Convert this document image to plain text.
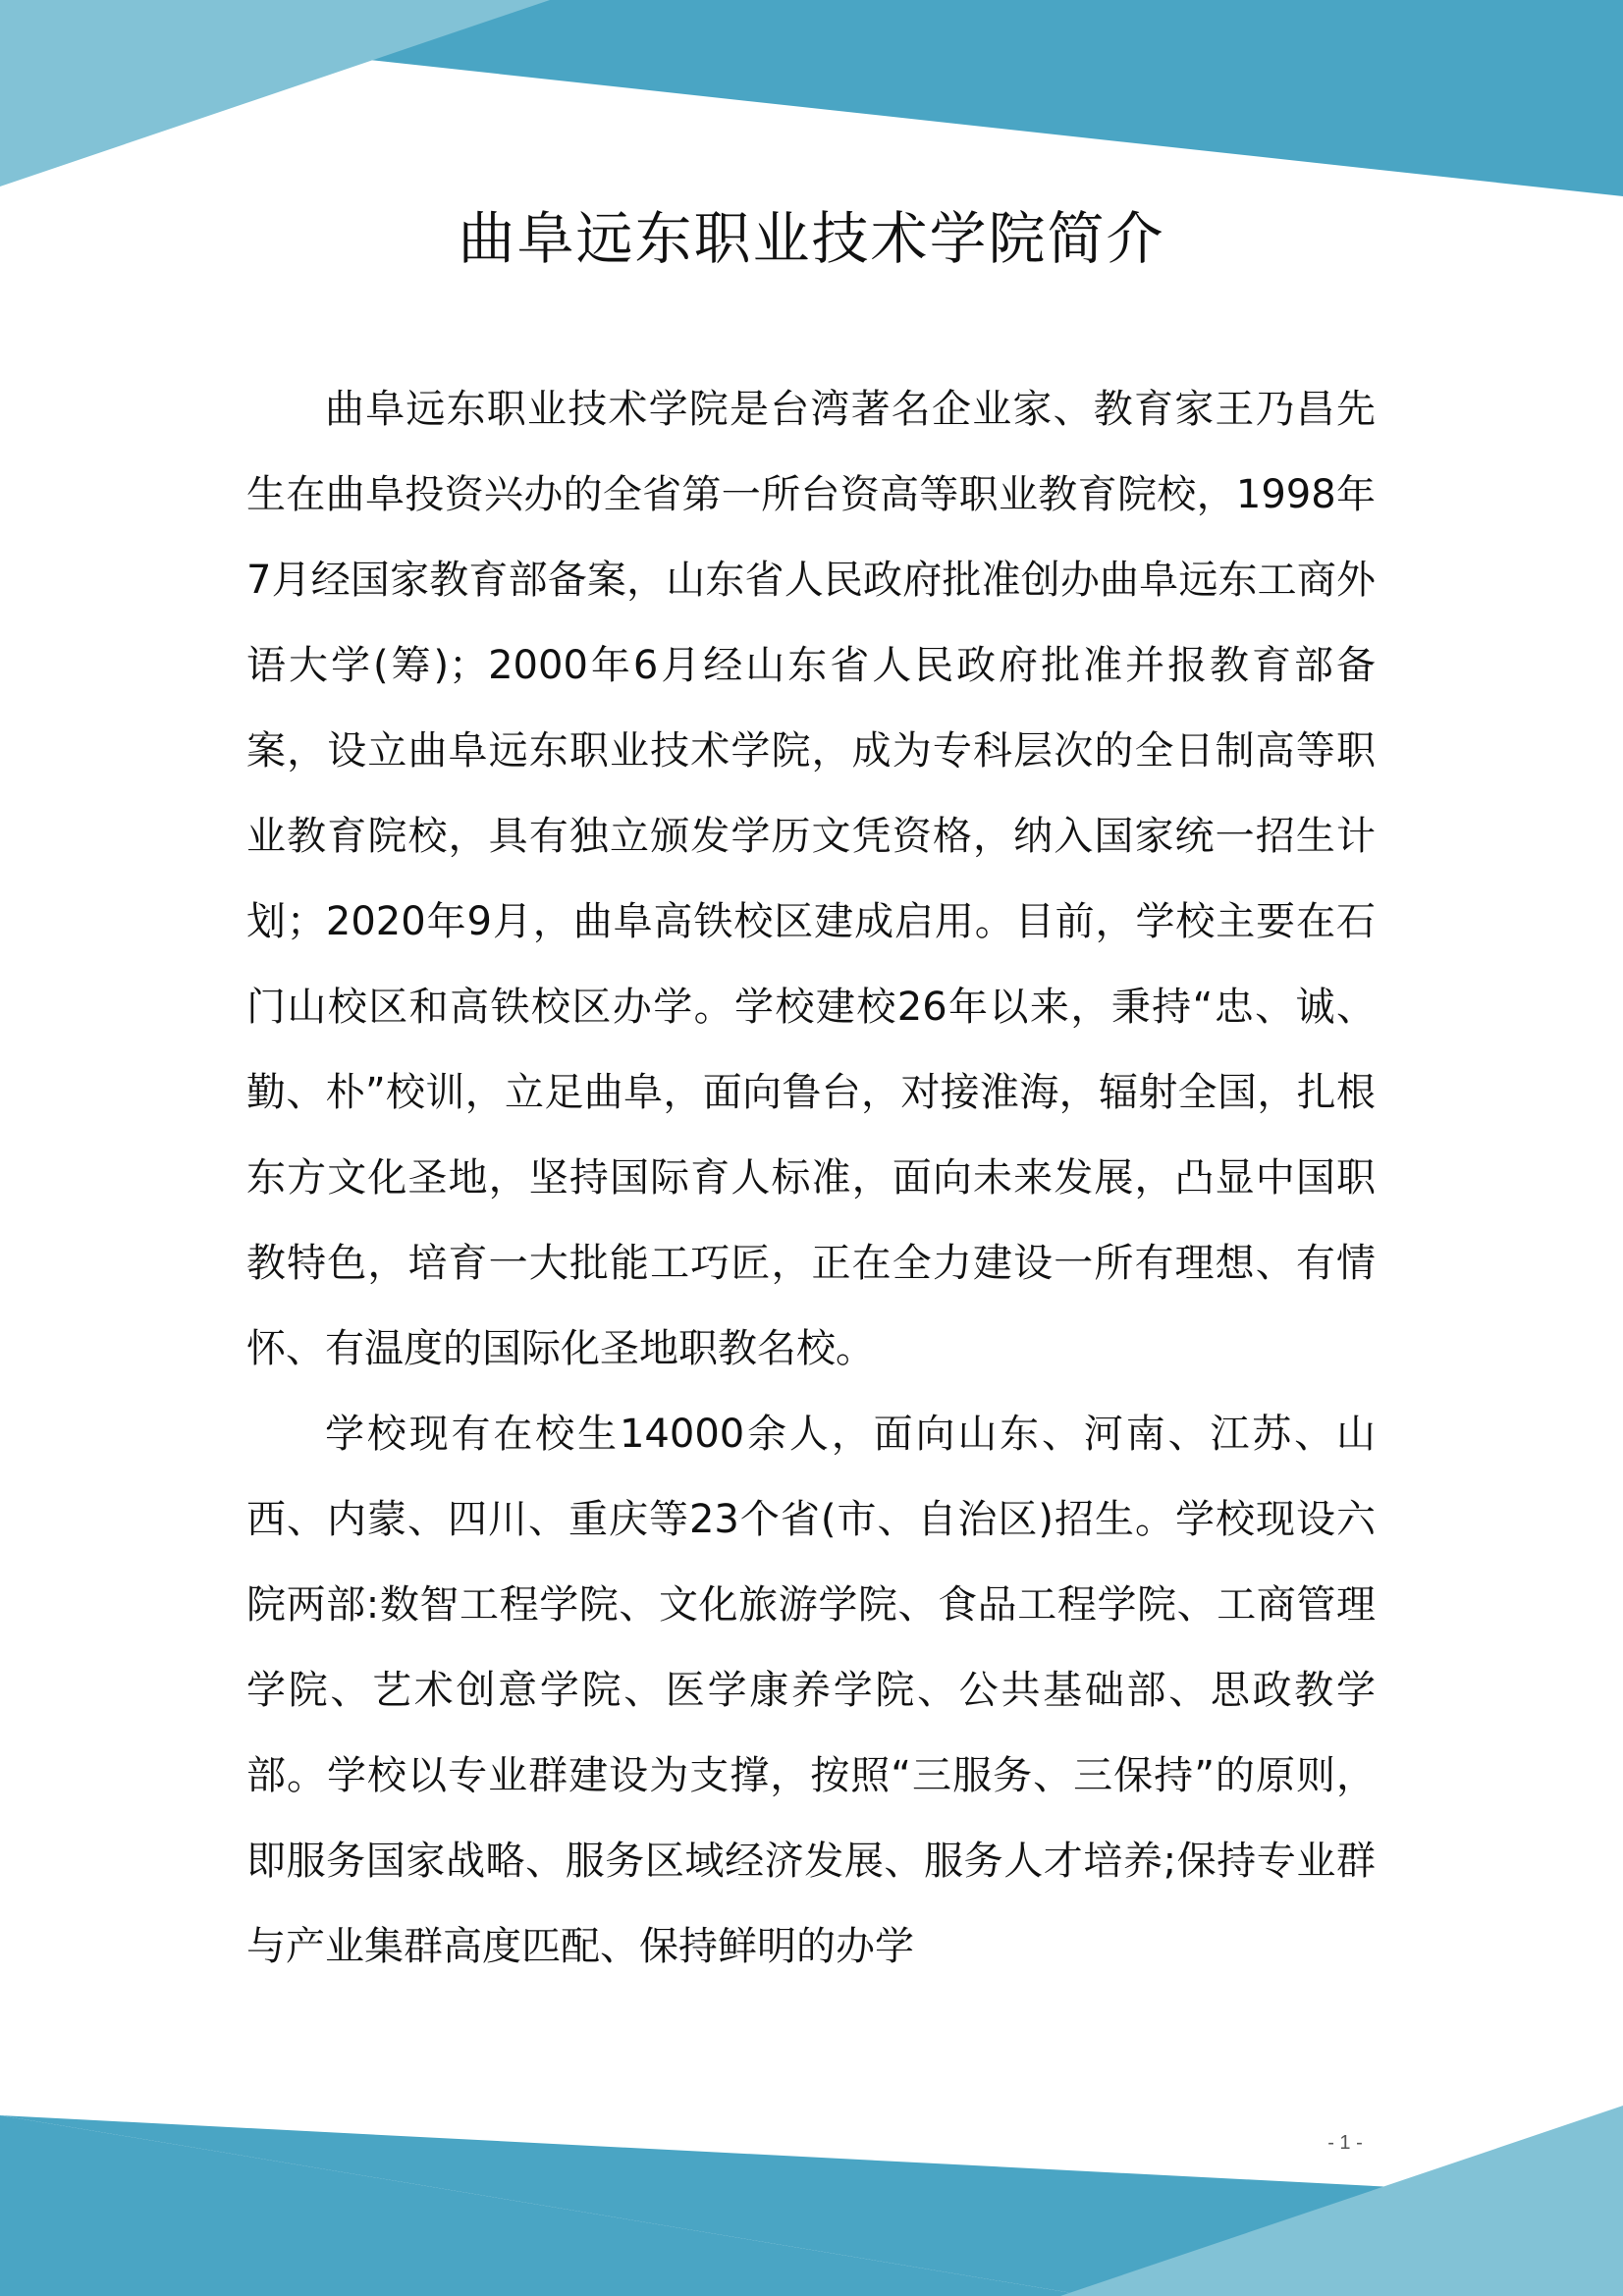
曲阜远东职业技术学院简介

曲阜远东职业技术学院是台湾著名企业家、教育家王乃昌先生在曲阜投资兴办的全省第一所台资高等职业教育院校，1998年7月经国家教育部备案，山东省人民政府批准创办曲阜远东工商外语大学(筹)；2000年6月经山东省人民政府批准并报教育部备案，设立曲阜远东职业技术学院，成为专科层次的全日制高等职业教育院校，具有独立颁发学历文凭资格，纳入国家统一招生计划；2020年9月，曲阜高铁校区建成启用。目前，学校主要在石门山校区和高铁校区办学。学校建校26年以来，秉持“忠、诚、勤、朴”校训，立足曲阜，面向鲁台，对接淮海，辐射全国，扎根东方文化圣地，坚持国际育人标准，面向未来发展，凸显中国职教特色，培育一大批能工巧匠，正在全力建设一所有理想、有情怀、有温度的国际化圣地职教名校。

学校现有在校生14000余人，面向山东、河南、江苏、山西、内蒙、四川、重庆等23个省(市、自治区)招生。学校现设六院两部:数智工程学院、文化旅游学院、食品工程学院、工商管理学院、艺术创意学院、医学康养学院、公共基础部、思政教学部。学校以专业群建设为支撑，按照“三服务、三保持”的原则，即服务国家战略、服务区域经济发展、服务人才培养;保持专业群与产业集群高度匹配、保持鲜明的办学

- 1 -
